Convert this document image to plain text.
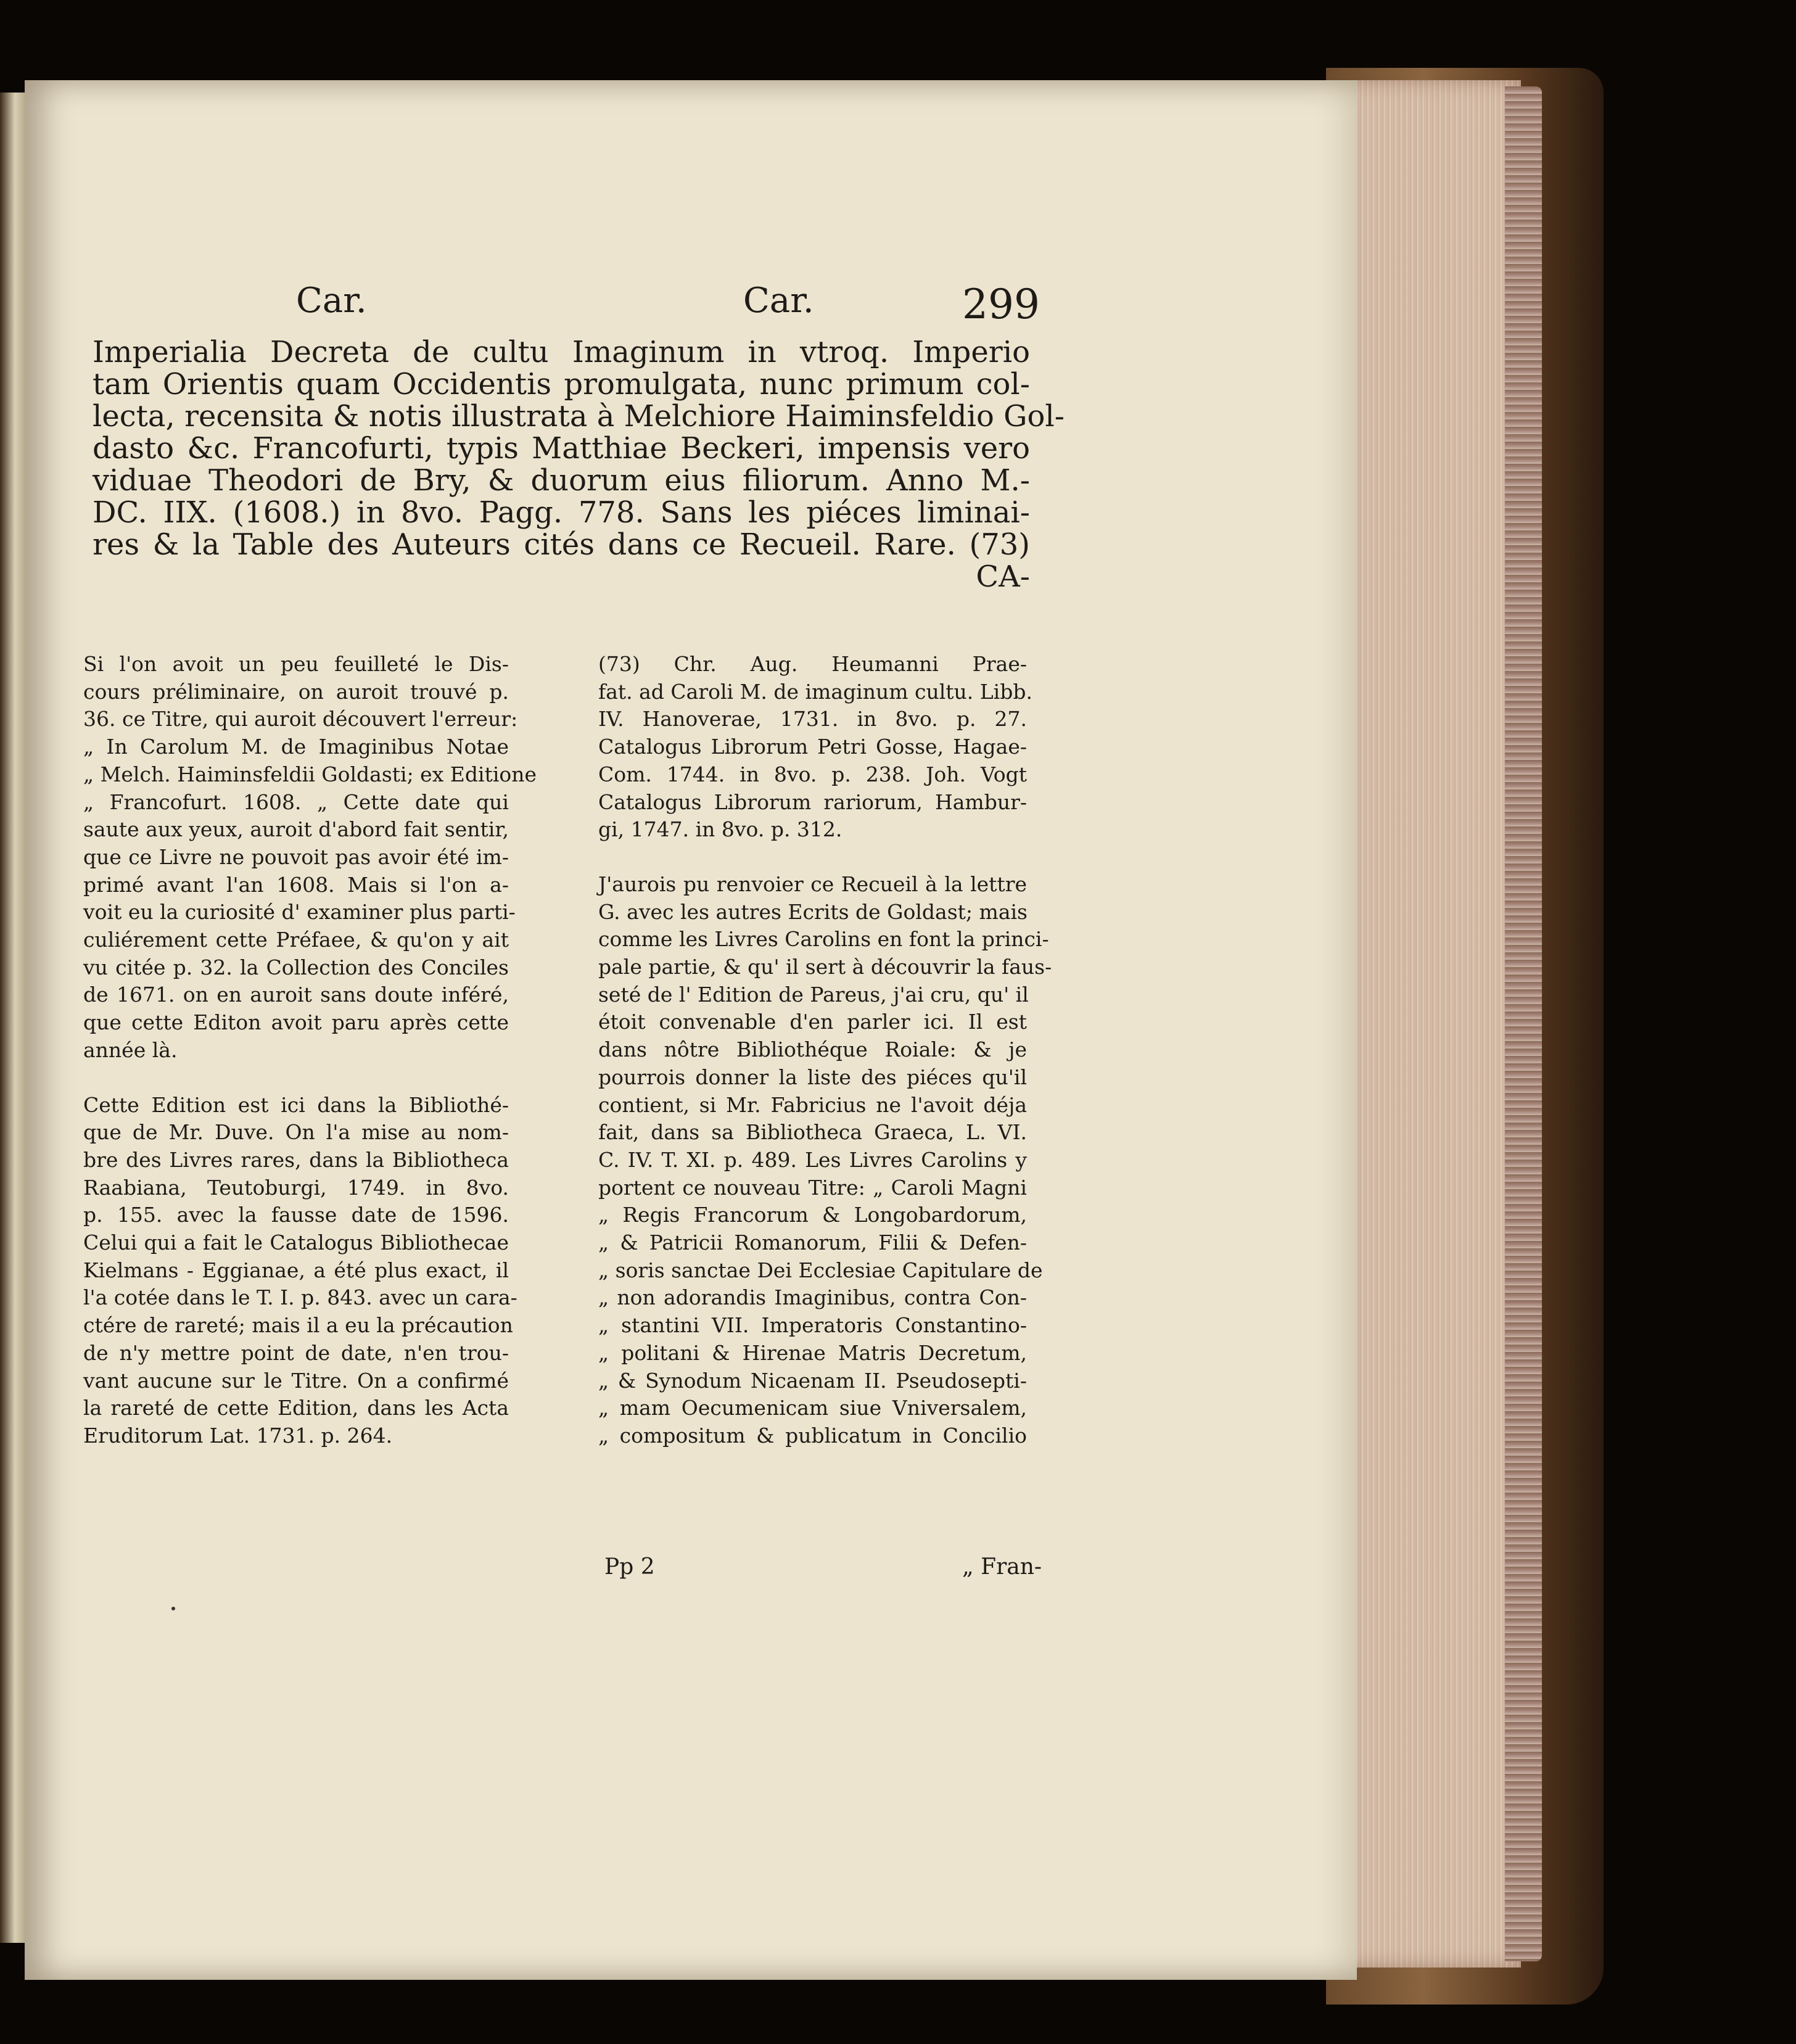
Car.	Car.	299
Imperialia Decreta de cultu Imaginum in vtroq. Imperio
tam Orientis quam Occidentis promulgata, nunc primum col-
lecta, recensita & notis illustrata à Melchiore Haiminsfeldio Gol-
dasto &c. Francofurti, typis Matthiae Beckeri, impensis vero
viduae Theodori de Bry, & duorum eius filiorum. Anno M.-
DC. IIX. (1608.) in 8vo. Pagg. 778. Sans les piéces liminai-
res & la Table des Auteurs cités dans ce Recueil. Rare. (73)
CA-
Si l'on avoit un peu feuilleté le Dis-
cours préliminaire, on auroit trouvé p.
36. ce Titre, qui auroit découvert l'erreur:
„ In Carolum M. de Imaginibus Notae
„ Melch. Haiminsfeldii Goldasti; ex Editione
„ Francofurt. 1608. „ Cette date qui
saute aux yeux, auroit d'abord fait sentir,
que ce Livre ne pouvoit pas avoir été im-
primé avant l'an 1608. Mais si l'on a-
voit eu la curiosité d' examiner plus parti-
culiérement cette Préfaee, & qu'on y ait
vu citée p. 32. la Collection des Conciles
de 1671. on en auroit sans doute inféré,
que cette Editon avoit paru après cette
année là.
Cette Edition est ici dans la Bibliothé-
que de Mr. Duve. On l'a mise au nom-
bre des Livres rares, dans la Bibliotheca
Raabiana, Teutoburgi, 1749. in 8vo.
p. 155. avec la fausse date de 1596.
Celui qui a fait le Catalogus Bibliothecae
Kielmans - Eggianae, a été plus exact, il
l'a cotée dans le T. I. p. 843. avec un cara-
ctére de rareté; mais il a eu la précaution
de n'y mettre point de date, n'en trou-
vant aucune sur le Titre. On a confirmé
la rareté de cette Edition, dans les Acta
Eruditorum Lat. 1731. p. 264.
(73) Chr. Aug. Heumanni Prae-
fat. ad Caroli M. de imaginum cultu. Libb.
IV. Hanoverae, 1731. in 8vo. p. 27.
Catalogus Librorum Petri Gosse, Hagae-
Com. 1744. in 8vo. p. 238. Joh. Vogt
Catalogus Librorum rariorum, Hambur-
gi, 1747. in 8vo. p. 312.
J'aurois pu renvoier ce Recueil à la lettre
G. avec les autres Ecrits de Goldast; mais
comme les Livres Carolins en font la princi-
pale partie, & qu' il sert à découvrir la faus-
seté de l' Edition de Pareus, j'ai cru, qu' il
étoit convenable d'en parler ici. Il est
dans nôtre Bibliothéque Roiale: & je
pourrois donner la liste des piéces qu'il
contient, si Mr. Fabricius ne l'avoit déja
fait, dans sa Bibliotheca Graeca, L. VI.
C. IV. T. XI. p. 489. Les Livres Carolins y
portent ce nouveau Titre: „ Caroli Magni
„ Regis Francorum & Longobardorum,
„ & Patricii Romanorum, Filii & Defen-
„ soris sanctae Dei Ecclesiae Capitulare de
„ non adorandis Imaginibus, contra Con-
„ stantini VII. Imperatoris Constantino-
„ politani & Hirenae Matris Decretum,
„ & Synodum Nicaenam II. Pseudosepti-
„ mam Oecumenicam siue Vniversalem,
„ compositum & publicatum in Concilio
Pp 2	„ Fran-
